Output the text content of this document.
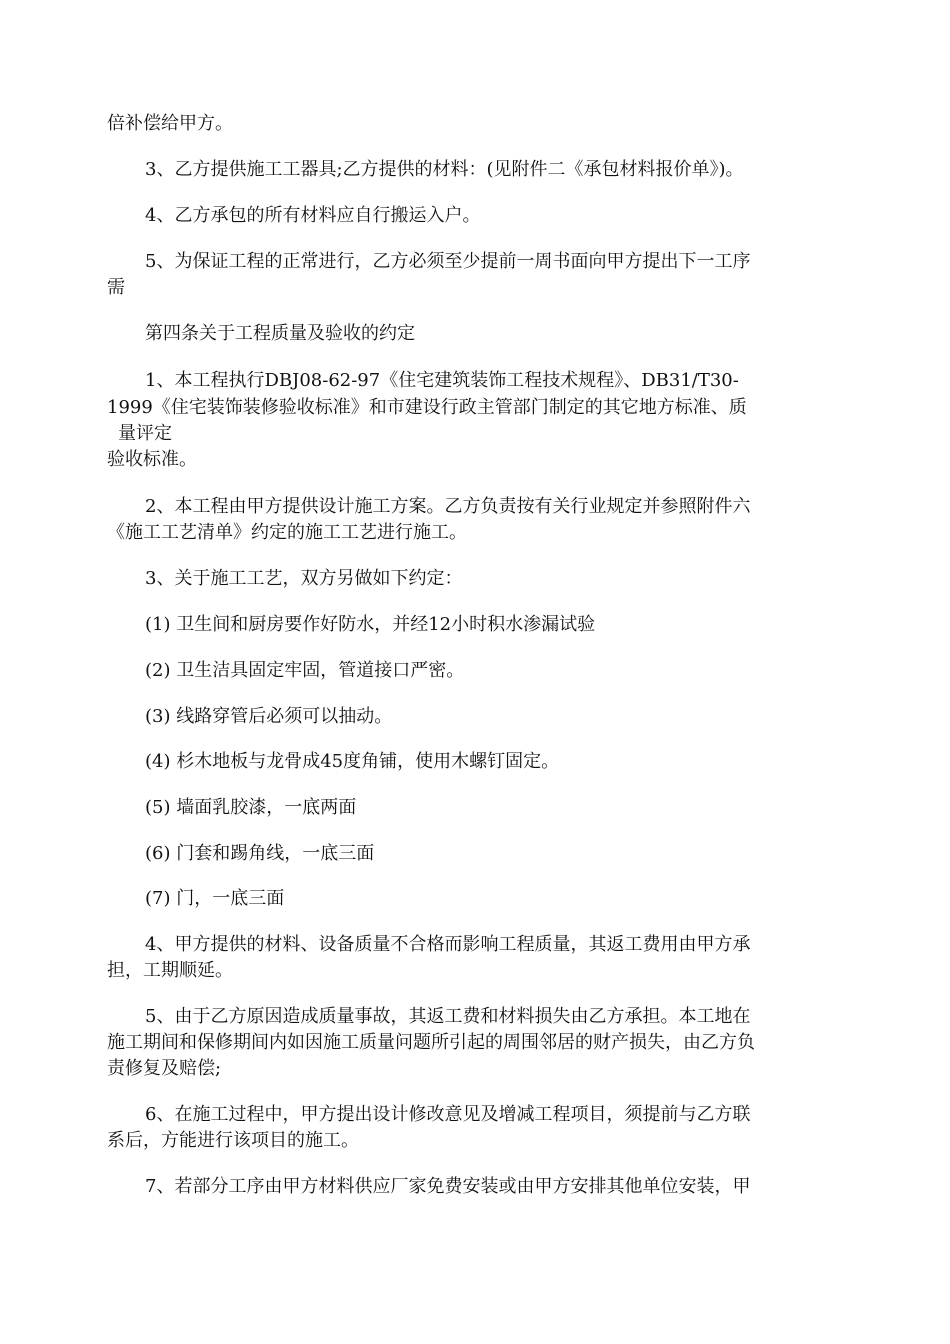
倍补偿给甲方。
3、乙方提供施工工器具;乙方提供的材料：(见附件二《承包材料报价单》)。
4、乙方承包的所有材料应自行搬运入户。
5、为保证工程的正常进行，乙方必须至少提前一周书面向甲方提出下一工序
需
第四条关于工程质量及验收的约定
1、本工程执行DBJ08-62-97《住宅建筑装饰工程技术规程》、DB31/T30-
1999《住宅装饰装修验收标准》和市建设行政主管部门制定的其它地方标准、质
量评定
验收标准。
2、本工程由甲方提供设计施工方案。乙方负责按有关行业规定并参照附件六
《施工工艺清单》约定的施工工艺进行施工。
3、关于施工工艺，双方另做如下约定：
(1) 卫生间和厨房要作好防水，并经12小时积水渗漏试验
(2) 卫生洁具固定牢固，管道接口严密。
(3) 线路穿管后必须可以抽动。
(4) 杉木地板与龙骨成45度角铺，使用木螺钉固定。
(5) 墙面乳胶漆，一底两面
(6) 门套和踢角线，一底三面
(7) 门，一底三面
4、甲方提供的材料、设备质量不合格而影响工程质量，其返工费用由甲方承
担，工期顺延。
5、由于乙方原因造成质量事故，其返工费和材料损失由乙方承担。本工地在
施工期间和保修期间内如因施工质量问题所引起的周围邻居的财产损失，由乙方负
责修复及赔偿;
6、在施工过程中，甲方提出设计修改意见及增减工程项目，须提前与乙方联
系后，方能进行该项目的施工。
7、若部分工序由甲方材料供应厂家免费安装或由甲方安排其他单位安装，甲
